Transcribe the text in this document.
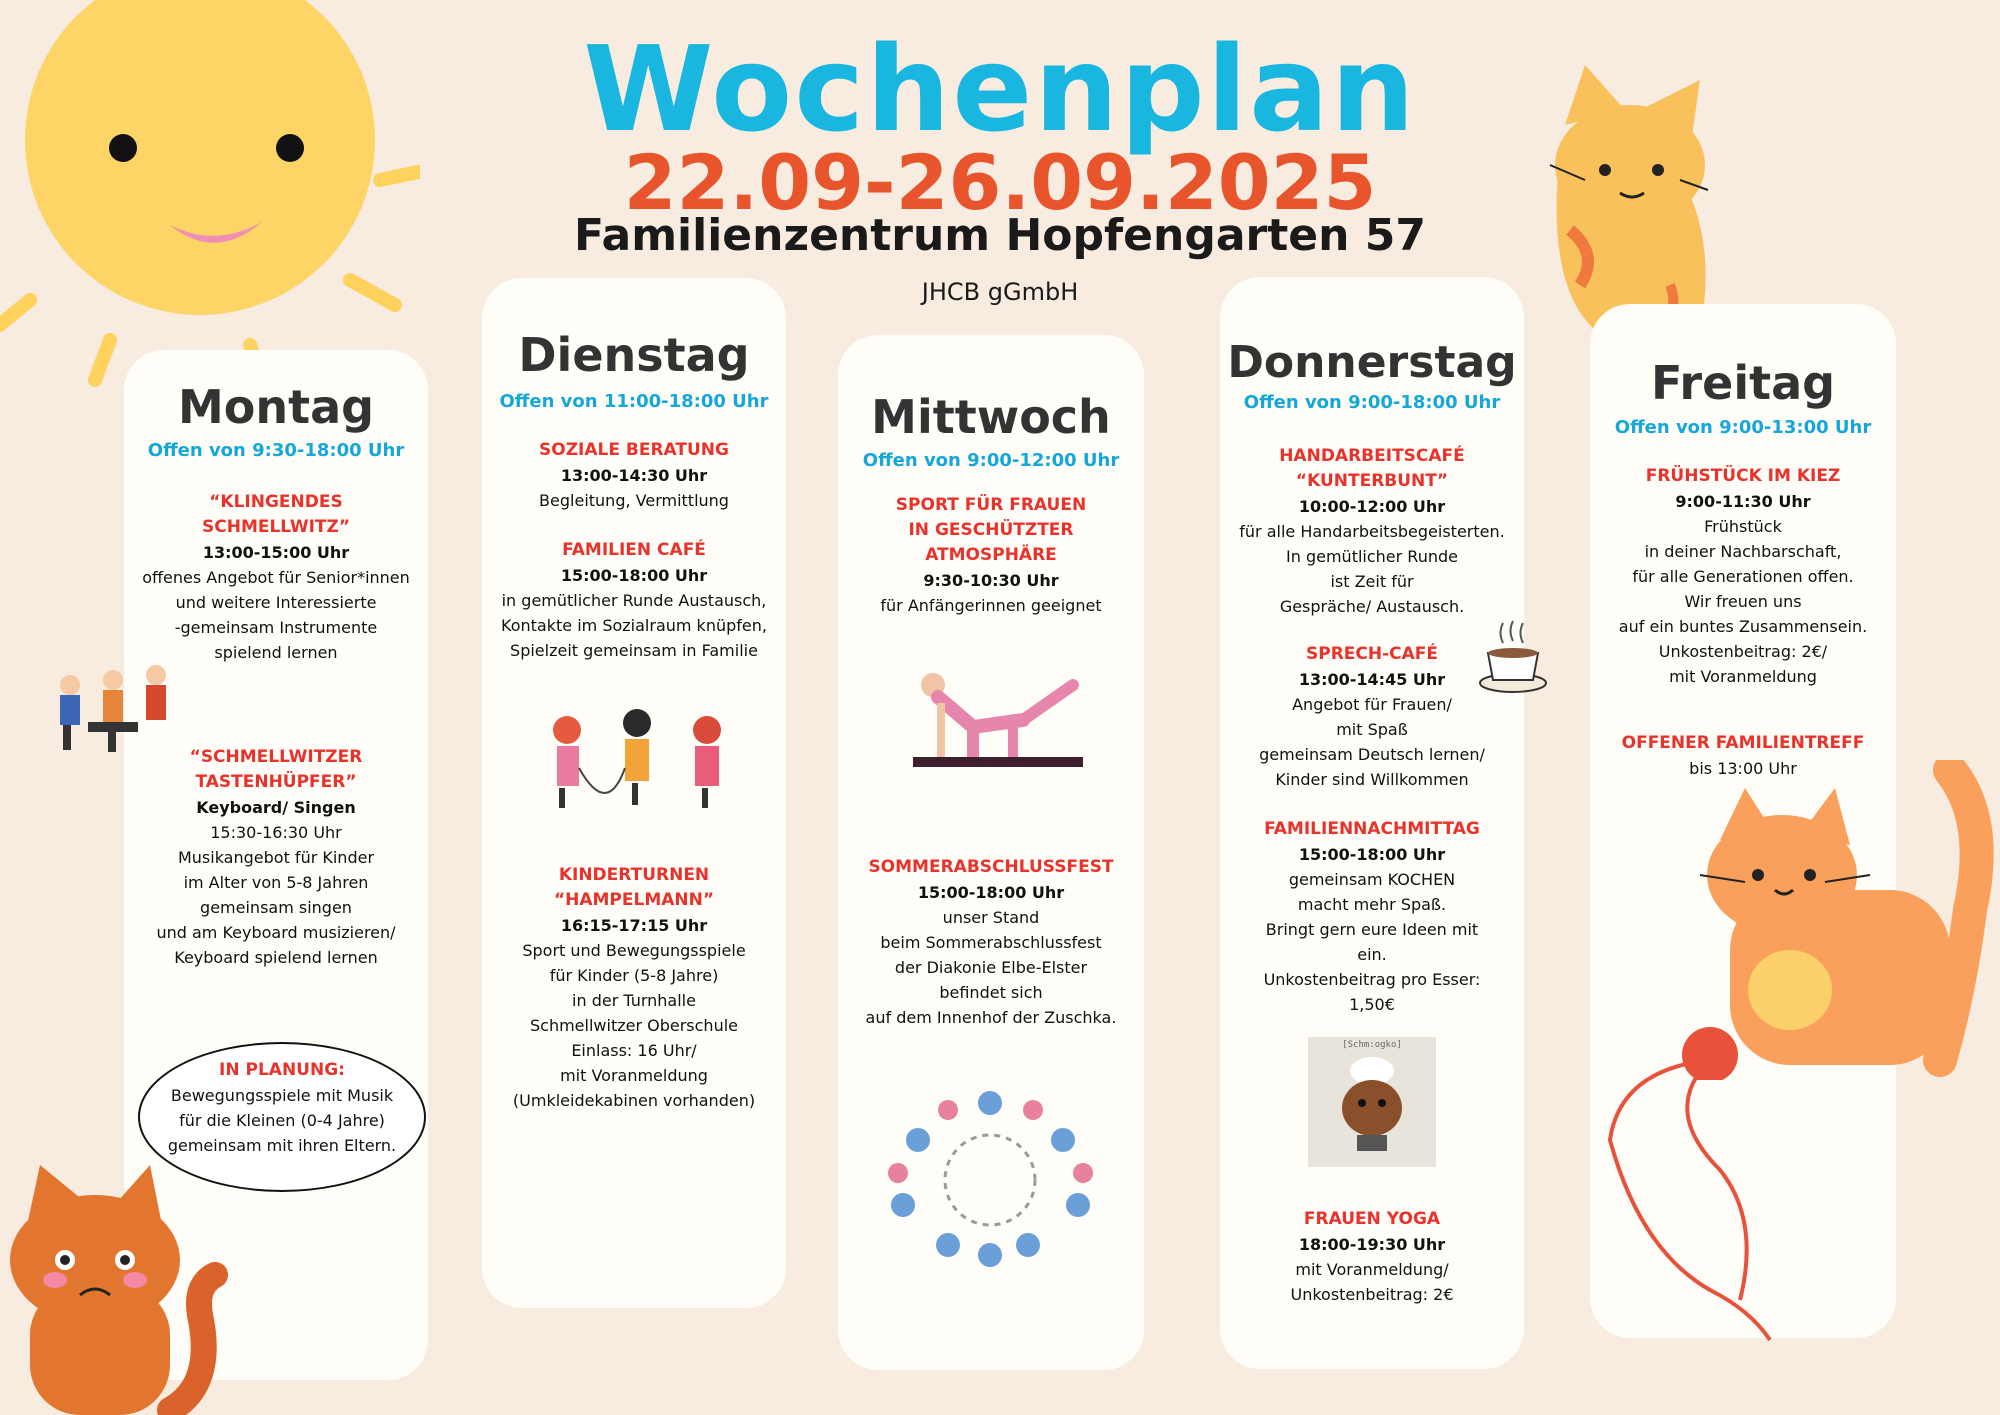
Wochenplan
22.09-26.09.2025
Familienzentrum Hopfengarten 57
JHCB gGmbH
Montag
Offen von 9:30-18:00 Uhr
“KLINGENDES
SCHMELLWITZ”
13:00-15:00 Uhr
offenes Angebot für Senior*innen
und weitere Interessierte
-gemeinsam Instrumente
spielend lernen
“SCHMELLWITZER
TASTENHÜPFER”
Keyboard/ Singen
15:30-16:30 Uhr
Musikangebot für Kinder
im Alter von 5-8 Jahren
gemeinsam singen
und am Keyboard musizieren/
Keyboard spielend lernen
IN PLANUNG:
Bewegungsspiele mit Musik
für die Kleinen (0-4 Jahre)
gemeinsam mit ihren Eltern.
Dienstag
Offen von 11:00-18:00 Uhr
SOZIALE BERATUNG
13:00-14:30 Uhr
Begleitung, Vermittlung
FAMILIEN CAFÉ
15:00-18:00 Uhr
in gemütlicher Runde Austausch,
Kontakte im Sozialraum knüpfen,
Spielzeit gemeinsam in Familie
KINDERTURNEN
“HAMPELMANN”
16:15-17:15 Uhr
Sport und Bewegungsspiele
für Kinder (5-8 Jahre)
in der Turnhalle
Schmellwitzer Oberschule
Einlass: 16 Uhr/
mit Voranmeldung
(Umkleidekabinen vorhanden)
Mittwoch
Offen von 9:00-12:00 Uhr
SPORT FÜR FRAUEN
IN GESCHÜTZTER
ATMOSPHÄRE
9:30-10:30 Uhr
für Anfängerinnen geeignet
SOMMERABSCHLUSSFEST
15:00-18:00 Uhr
unser Stand
beim Sommerabschlussfest
der Diakonie Elbe-Elster
befindet sich
auf dem Innenhof der Zuschka.
Donnerstag
Offen von 9:00-18:00 Uhr
HANDARBEITSCAFÉ
“KUNTERBUNT”
10:00-12:00 Uhr
für alle Handarbeitsbegeisterten.
In gemütlicher Runde
ist Zeit für
Gespräche/ Austausch.
SPRECH-CAFÉ
13:00-14:45 Uhr
Angebot für Frauen/
mit Spaß
gemeinsam Deutsch lernen/
Kinder sind Willkommen
FAMILIENNACHMITTAG
15:00-18:00 Uhr
gemeinsam KOCHEN
macht mehr Spaß.
Bringt gern eure Ideen mit
ein.
Unkostenbeitrag pro Esser:
1,50€
[Schm:ogko]
FRAUEN YOGA
18:00-19:30 Uhr
mit Voranmeldung/
Unkostenbeitrag: 2€
Freitag
Offen von 9:00-13:00 Uhr
FRÜHSTÜCK IM KIEZ
9:00-11:30 Uhr
Frühstück
in deiner Nachbarschaft,
für alle Generationen offen.
Wir freuen uns
auf ein buntes Zusammensein.
Unkostenbeitrag: 2€/
mit Voranmeldung
OFFENER FAMILIENTREFF
bis 13:00 Uhr
